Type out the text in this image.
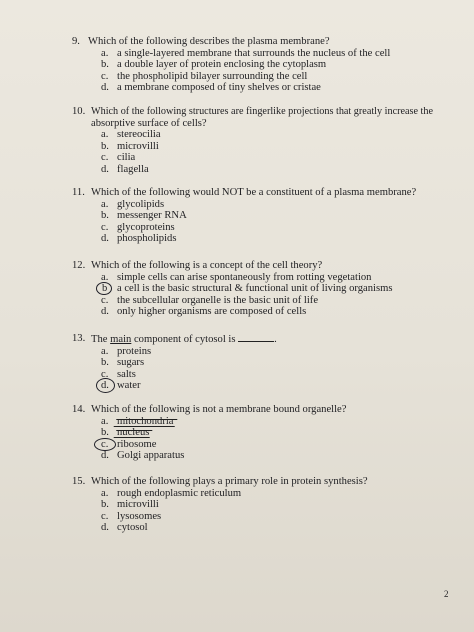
9. Which of the following describes the plasma membrane?
a. a single-layered membrane that surrounds the nucleus of the cell
b. a double layer of protein enclosing the cytoplasm
c. the phospholipid bilayer surrounding the cell
d. a membrane composed of tiny shelves or cristae
10. Which of the following structures are fingerlike projections that greatly increase the
absorptive surface of cells?
a. stereocilia
b. microvilli
c. cilia
d. flagella
11. Which of the following would NOT be a constituent of a plasma membrane?
a. glycolipids
b. messenger RNA
c. glycoproteins
d. phospholipids
12. Which of the following is a concept of the cell theory?
a. simple cells can arise spontaneously from rotting vegetation
b a cell is the basic structural & functional unit of living organisms
c. the subcellular organelle is the basic unit of life
d. only higher organisms are composed of cells
13. The main component of cytosol is	.
a. proteins
b. sugars
c. salts
d. water
14. Which of the following is not a membrane bound organelle?
a. mitochondria
b. nucleus
c. ribosome
d. Golgi apparatus
15. Which of the following plays a primary role in protein synthesis?
a. rough endoplasmic reticulum
b. microvilli
c. lysosomes
d. cytosol
2
